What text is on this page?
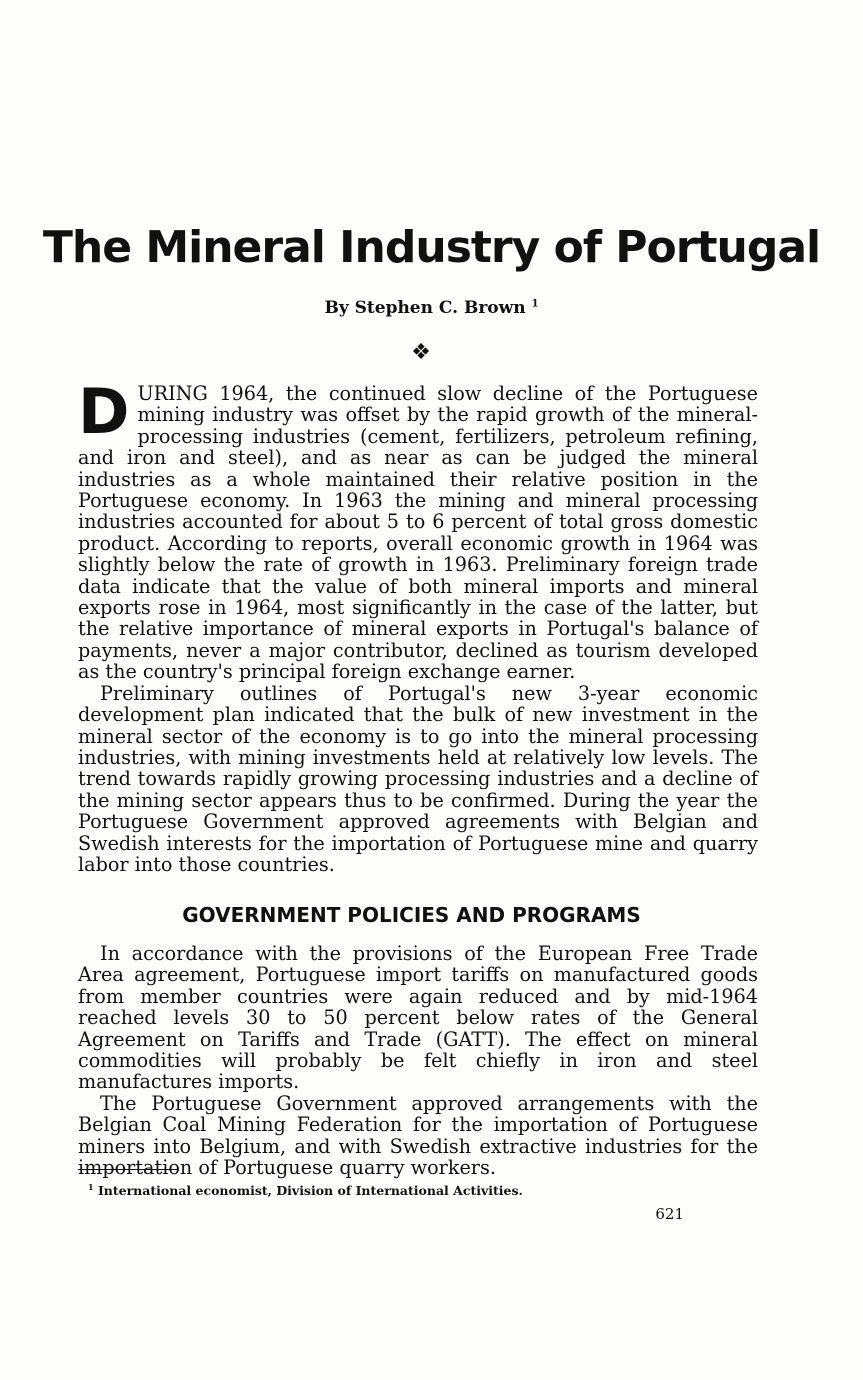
The Mineral Industry of Portugal
By Stephen C. Brown $^1$
❖

DURING 1964, the continued slow decline of the Portuguese mining industry was offset by the rapid growth of the mineral-processing industries (cement, fertilizers, petroleum refining, and iron and steel), and as near as can be judged the mineral industries as a whole maintained their relative position in the Portuguese economy. In 1963 the mining and mineral processing industries accounted for about 5 to 6 percent of total gross domestic product. According to reports, overall economic growth in 1964 was slightly below the rate of growth in 1963. Preliminary foreign trade data indicate that the value of both mineral imports and mineral exports rose in 1964, most significantly in the case of the latter, but the relative importance of mineral exports in Portugal's balance of payments, never a major contributor, declined as tourism developed as the country's principal foreign exchange earner.

Preliminary outlines of Portugal's new 3-year economic development plan indicated that the bulk of new investment in the mineral sector of the economy is to go into the mineral processing industries, with mining investments held at relatively low levels. The trend towards rapidly growing processing industries and a decline of the mining sector appears thus to be confirmed. During the year the Portuguese Government approved agreements with Belgian and Swedish interests for the importation of Portuguese mine and quarry labor into those countries.

GOVERNMENT POLICIES AND PROGRAMS

In accordance with the provisions of the European Free Trade Area agreement, Portuguese import tariffs on manufactured goods from member countries were again reduced and by mid-1964 reached levels 30 to 50 percent below rates of the General Agreement on Tariffs and Trade (GATT). The effect on mineral commodities will probably be felt chiefly in iron and steel manufactures imports.

The Portuguese Government approved arrangements with the Belgian Coal Mining Federation for the importation of Portuguese miners into Belgium, and with Swedish extractive industries for the importation of Portuguese quarry workers.

$^1$ International economist, Division of International Activities.
621
